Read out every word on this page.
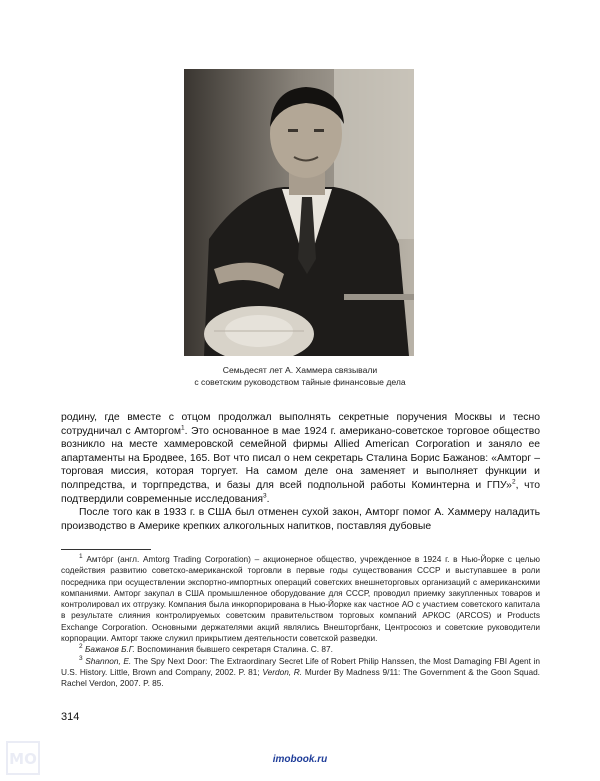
Семьдесят лет А. Хаммера связывали
с советским руководством тайные финансовые дела

родину, где вместе с отцом продолжал выполнять секретные поручения Москвы и тесно сотрудничал с Амторгом$^1$. Это основанное в мае 1924 г. американо-советское торговое общество возникло на месте хаммеровской семейной фирмы Allied American Corporation и заняло ее апартаменты на Бродвее, 165. Вот что писал о нем секретарь Сталина Борис Бажанов: «Амторг – торговая миссия, которая торгует. На самом деле она заменяет и выполняет функции и полпредства, и торгпредства, и базы для всей подпольной работы Коминтерна и ГПУ»$^2$, что подтвердили современные исследования$^3$.

После того как в 1933 г. в США был отменен сухой закон, Амторг помог А. Хаммеру наладить производство в Америке крепких алкогольных напитков, поставляя дубовые

$^1$ Амтóрг (англ. Amtorg Trading Corporation) – акционерное общество, учрежденное в 1924 г. в Нью-Йорке с целью содействия развитию советско-американской торговли в первые годы существования СССР и выступавшее в роли посредника при осуществлении экспортно-импортных операций советских внешнеторговых организаций с американскими компаниями. Амторг закупал в США промышленное оборудование для СССР, проводил приемку закупленных товаров и контролировал их отгрузку. Компания была инкорпорирована в Нью-Йорке как частное АО с участием советского капитала в результате слияния контролируемых советским правительством торговых компаний АРКОС (ARCOS) и Products Exchange Corporation. Основными держателями акций являлись Внешторгбанк, Центросоюз и советские руководители корпорации. Амторг также служил прикрытием деятельности советской разведки.

$^2$ Бажанов Б.Г. Воспоминания бывшего секретаря Сталина. С. 87.

$^3$ Shannon, E. The Spy Next Door: The Extraordinary Secret Life of Robert Philip Hanssen, the Most Damaging FBI Agent in U.S. History. Little, Brown and Company, 2002. P. 81; Verdon, R. Murder By Madness 9/11: The Government & the Goon Squad. Rachel Verdon, 2007. P. 85.

314
MO	imobook.ru
